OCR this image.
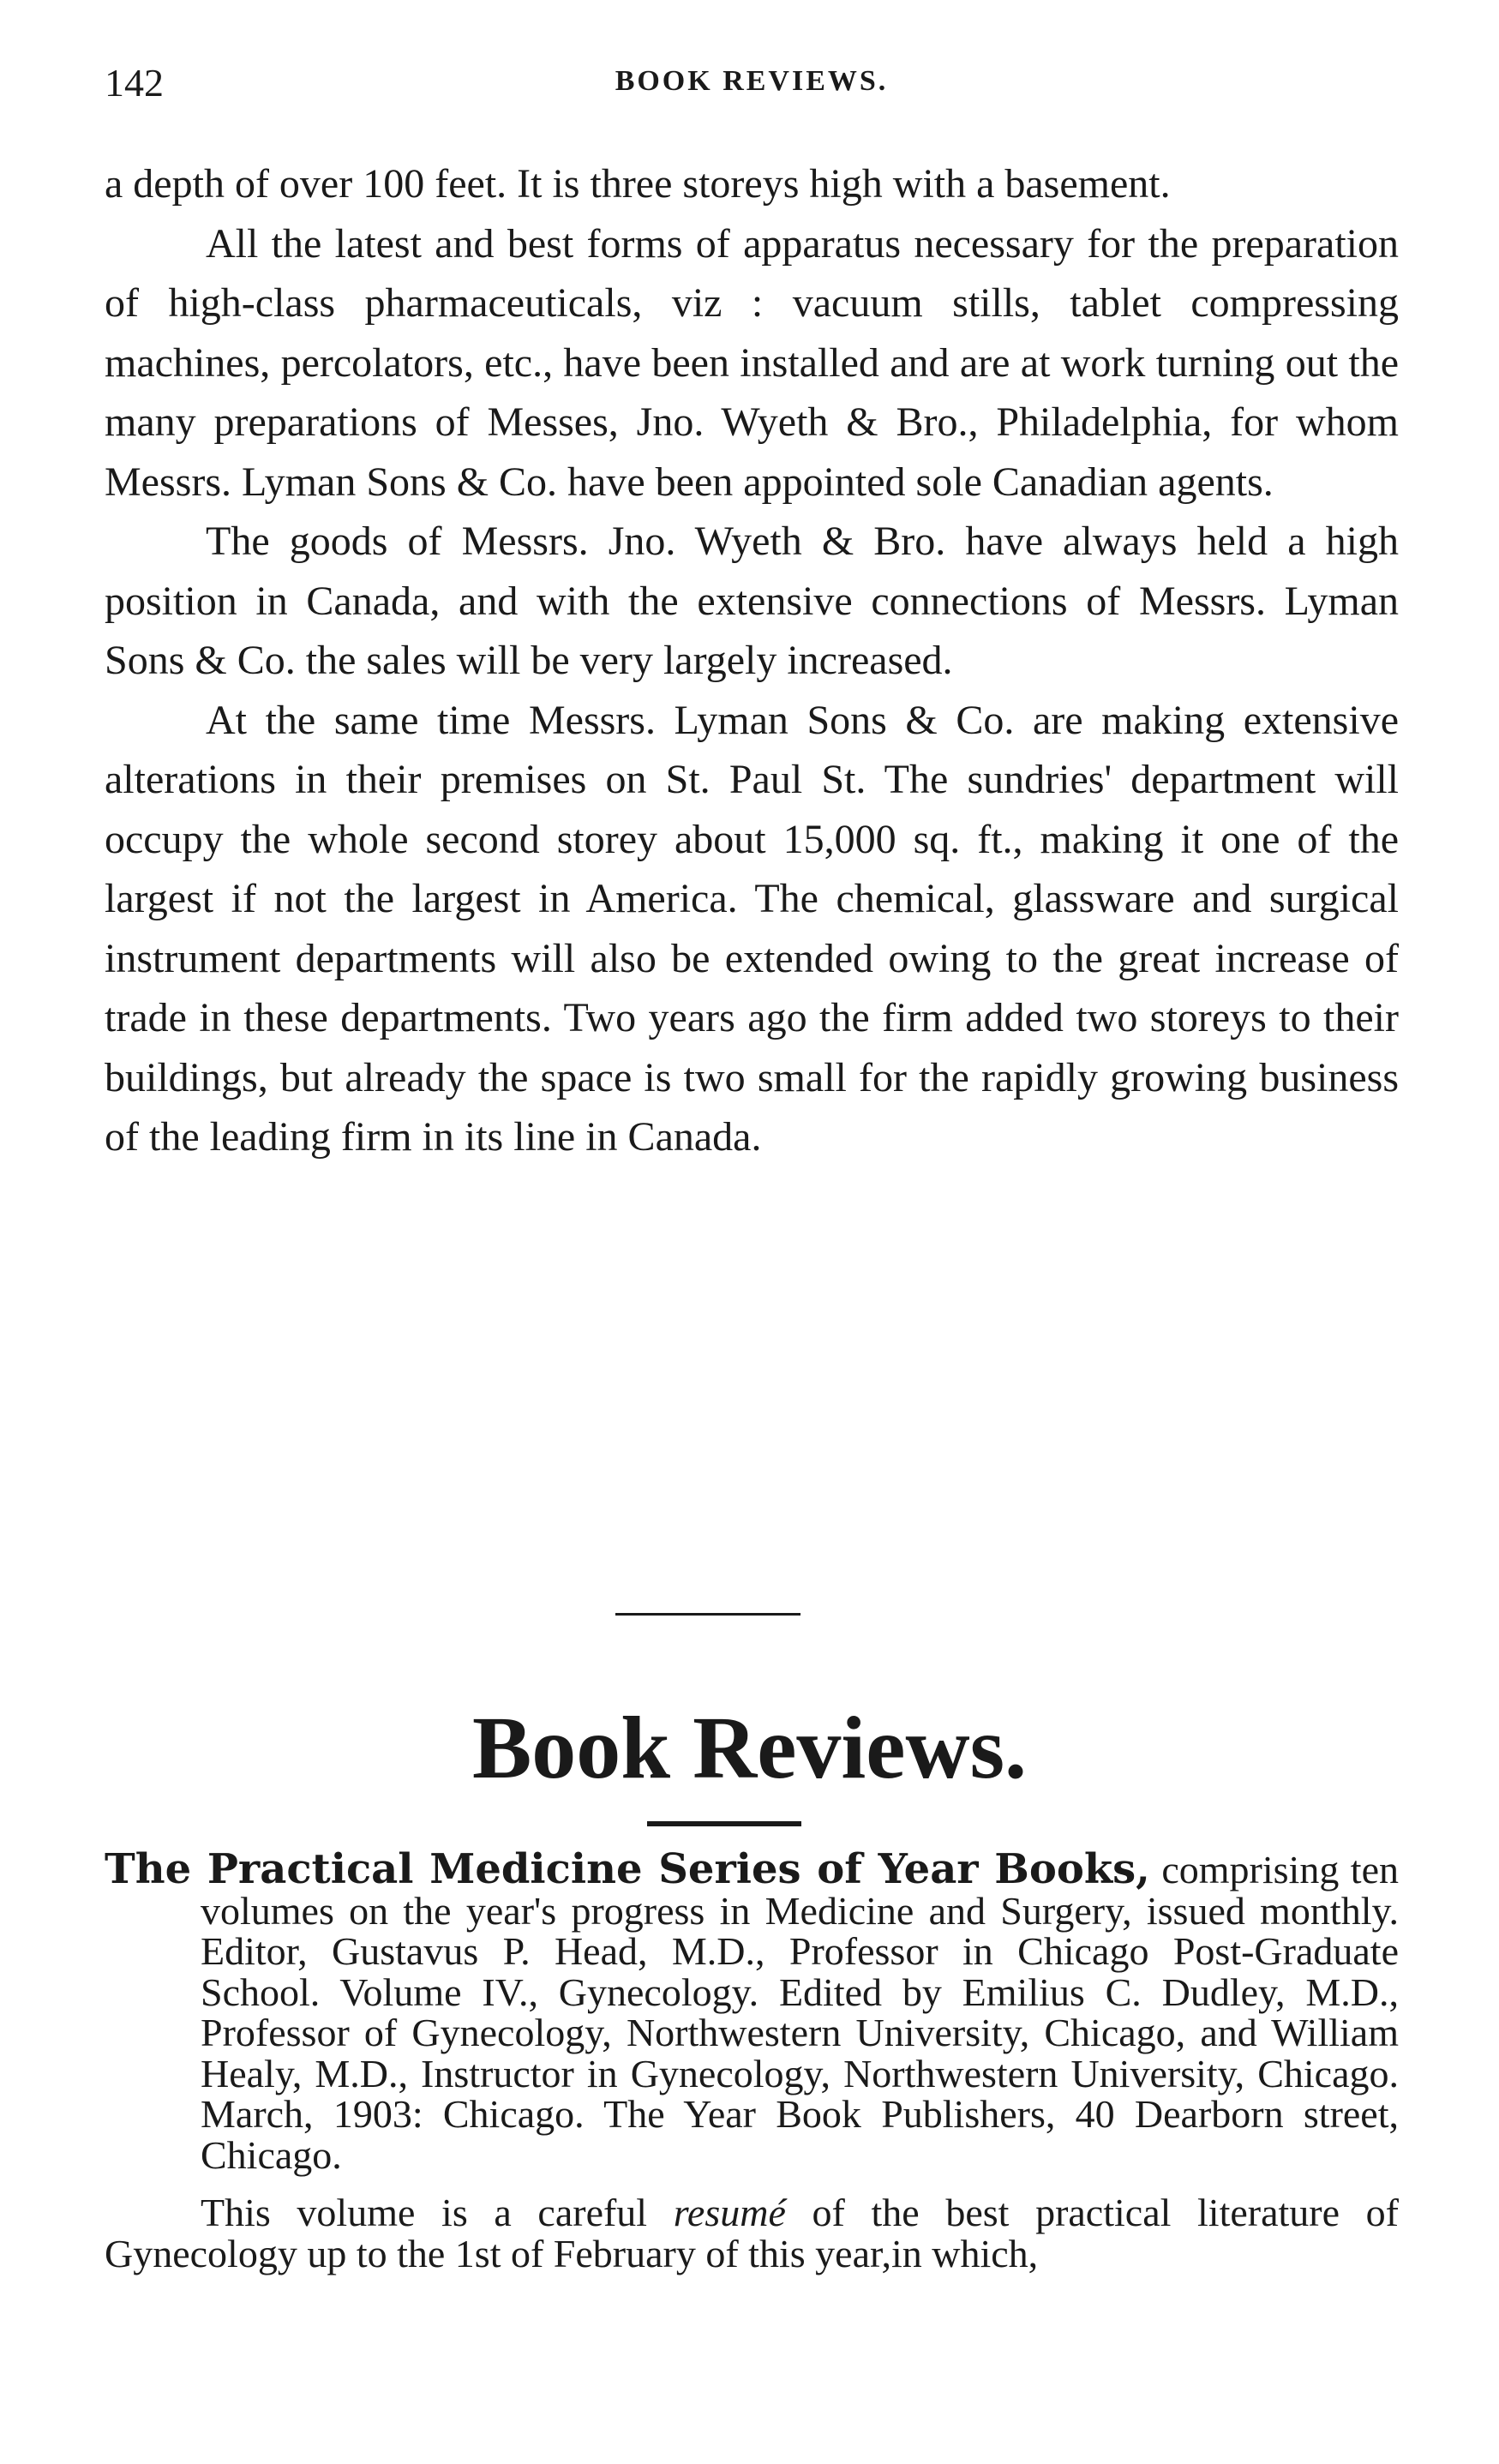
142	BOOK REVIEWS.

a depth of over 100 feet. It is three storeys high with a basement.

All the latest and best forms of apparatus necessary for the preparation of high-class pharmaceuticals, viz : vacuum stills, tablet compressing machines, percolators, etc., have been installed and are at work turning out the many preparations of Messes, Jno. Wyeth & Bro., Philadelphia, for whom Messrs. Lyman Sons & Co. have been appointed sole Canadian agents.

The goods of Messrs. Jno. Wyeth & Bro. have always held a high position in Canada, and with the extensive connections of Messrs. Lyman Sons & Co. the sales will be very largely increased.

At the same time Messrs. Lyman Sons & Co. are making extensive alterations in their premises on St. Paul St. The sundries' department will occupy the whole second storey about 15,000 sq. ft., making it one of the largest if not the largest in America. The chemical, glassware and surgical instrument departments will also be extended owing to the great increase of trade in these departments. Two years ago the firm added two storeys to their buildings, but already the space is two small for the rapidly growing business of the leading firm in its line in Canada.

Book Reviews.

The Practical Medicine Series of Year Books, comprising ten volumes on the year's progress in Medicine and Surgery, issued monthly. Editor, Gustavus P. Head, M.D., Professor in Chicago Post-Graduate School. Volume IV., Gynecology. Edited by Emilius C. Dudley, M.D., Professor of Gynecology, Northwestern University, Chicago, and William Healy, M.D., Instructor in Gynecology, Northwestern University, Chicago. March, 1903: Chicago. The Year Book Publishers, 40 Dearborn street, Chicago.

This volume is a careful resumé of the best practical literature of Gynecology up to the 1st of February of this year,in which,
